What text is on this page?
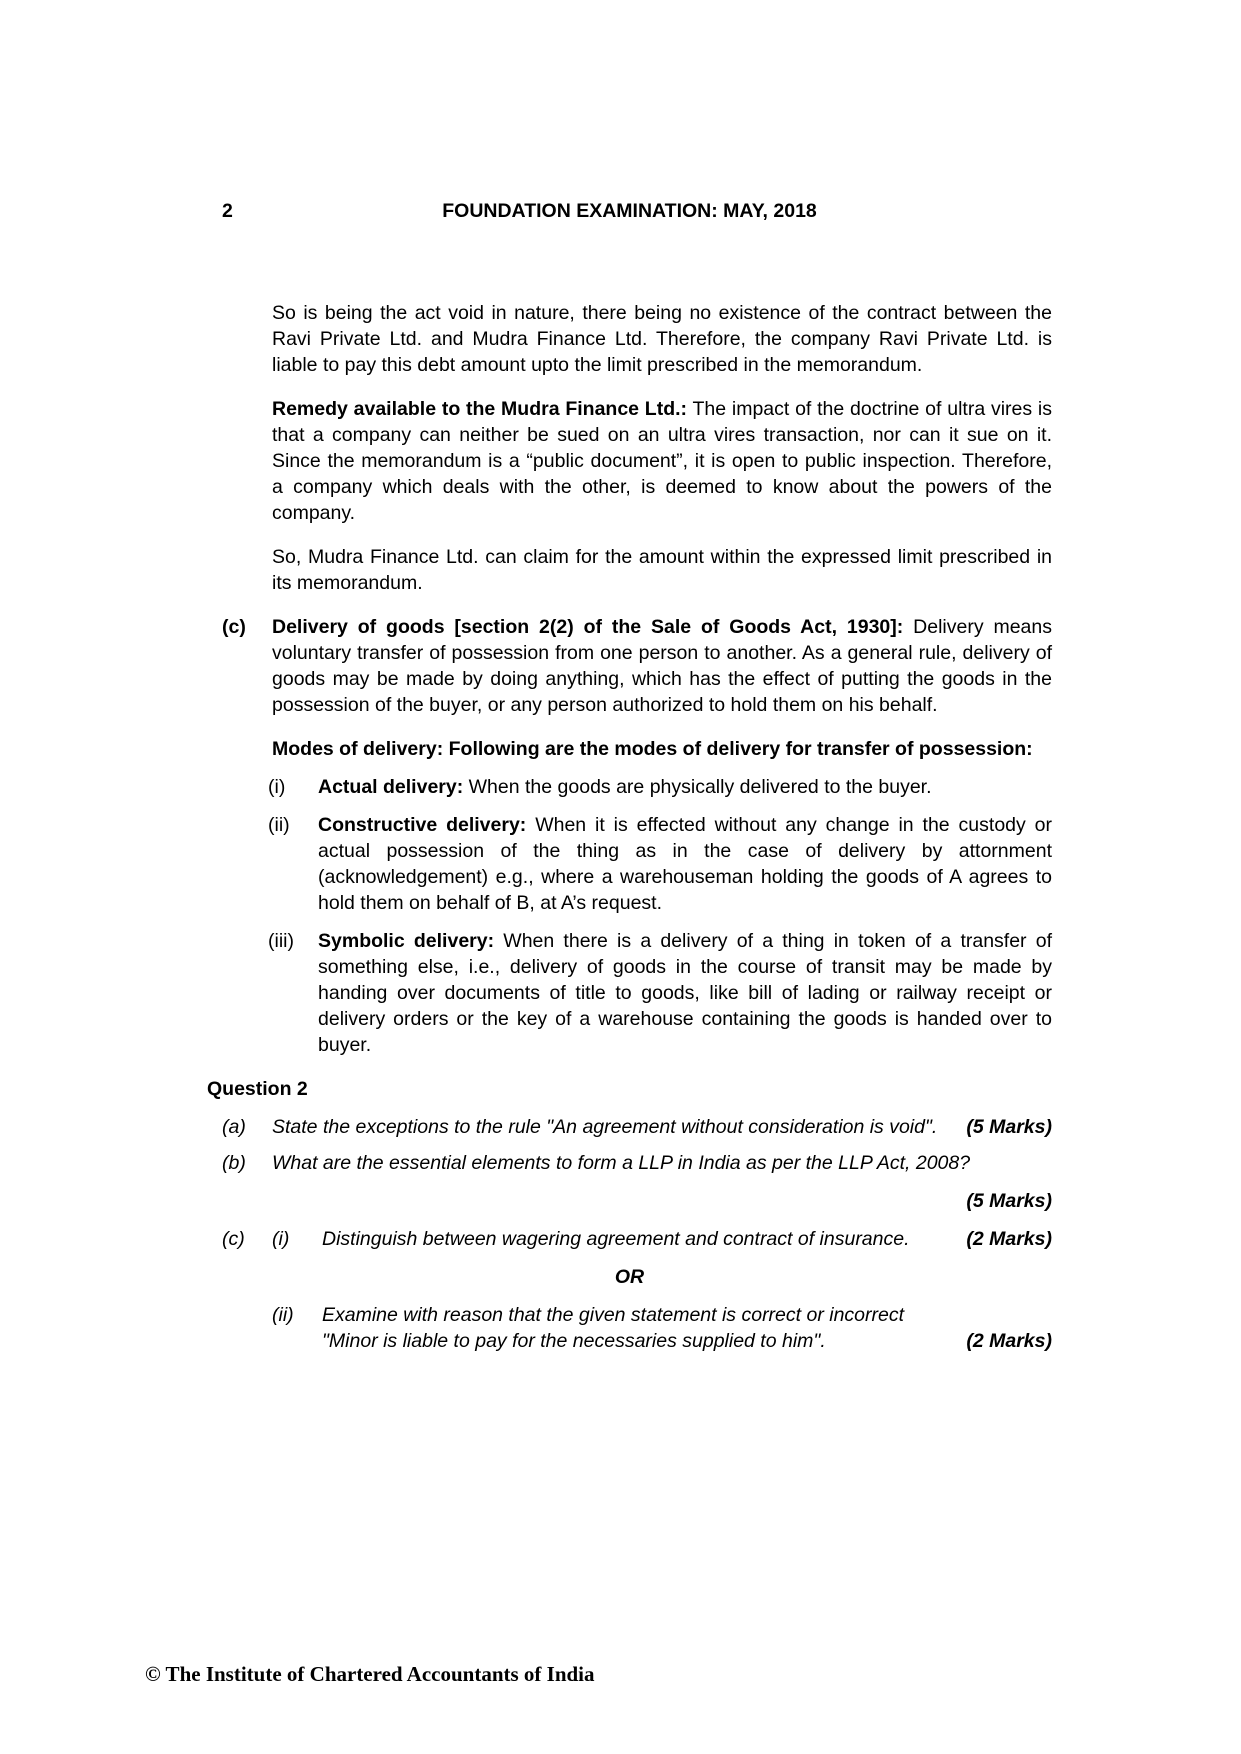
2	FOUNDATION EXAMINATION: MAY, 2018

So is being the act void in nature, there being no existence of the contract between the Ravi Private Ltd. and Mudra Finance Ltd. Therefore, the company Ravi Private Ltd. is liable to pay this debt amount upto the limit prescribed in the memorandum.

Remedy available to the Mudra Finance Ltd.: The impact of the doctrine of ultra vires is that a company can neither be sued on an ultra vires transaction, nor can it sue on it. Since the memorandum is a “public document”, it is open to public inspection. Therefore, a company which deals with the other, is deemed to know about the powers of the company.

So, Mudra Finance Ltd. can claim for the amount within the expressed limit prescribed in its memorandum.

(c)	Delivery of goods [section 2(2) of the Sale of Goods Act, 1930]: Delivery means voluntary transfer of possession from one person to another. As a general rule, delivery of goods may be made by doing anything, which has the effect of putting the goods in the possession of the buyer, or any person authorized to hold them on his behalf.

Modes of delivery: Following are the modes of delivery for transfer of possession:

(i)	Actual delivery: When the goods are physically delivered to the buyer.
(ii)	Constructive delivery: When it is effected without any change in the custody or actual possession of the thing as in the case of delivery by attornment (acknowledgement) e.g., where a warehouseman holding the goods of A agrees to hold them on behalf of B, at A’s request.
(iii)	Symbolic delivery: When there is a delivery of a thing in token of a transfer of something else, i.e., delivery of goods in the course of transit may be made by handing over documents of title to goods, like bill of lading or railway receipt or delivery orders or the key of a warehouse containing the goods is handed over to buyer.
Question 2
(a)	State the exceptions to the rule "An agreement without consideration is void".	(5 Marks)
(b)	What are the essential elements to form a LLP in India as per the LLP Act, 2008?
(5 Marks)
(c)	(i)	Distinguish between wagering agreement and contract of insurance.	(2 Marks)
OR
(ii)	Examine with reason that the given statement is correct or incorrect "Minor is liable to pay for the necessaries supplied to him".	(2 Marks)
© The Institute of Chartered Accountants of India
